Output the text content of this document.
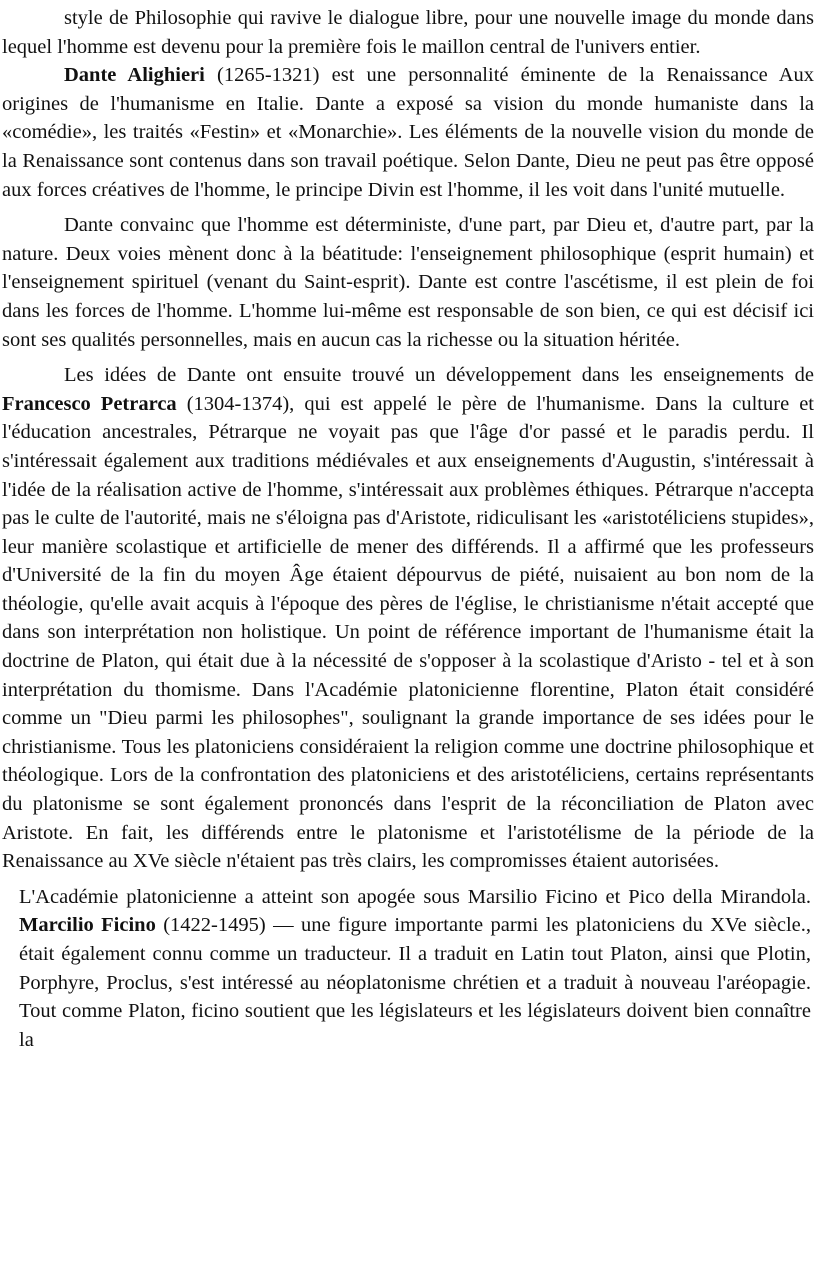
style de Philosophie qui ravive le dialogue libre, pour une nouvelle image du monde dans lequel l'homme est devenu pour la première fois le maillon central de l'univers entier.

Dante Alighieri (1265-1321) est une personnalité éminente de la Renaissance Aux origines de l'humanisme en Italie. Dante a exposé sa vision du monde humaniste dans la «comédie», les traités «Festin» et «Monarchie». Les éléments de la nouvelle vision du monde de la Renaissance sont contenus dans son travail poétique. Selon Dante, Dieu ne peut pas être opposé aux forces créatives de l'homme, le principe Divin est l'homme, il les voit dans l'unité mutuelle.

Dante convainc que l'homme est déterministe, d'une part, par Dieu et, d'autre part, par la nature. Deux voies mènent donc à la béatitude: l'enseignement philosophique (esprit humain) et l'enseignement spirituel (venant du Saint-esprit). Dante est contre l'ascétisme, il est plein de foi dans les forces de l'homme. L'homme lui-même est responsable de son bien, ce qui est décisif ici sont ses qualités personnelles, mais en aucun cas la richesse ou la situation héritée.

Les idées de Dante ont ensuite trouvé un développement dans les enseignements de Francesco Petrarca (1304-1374), qui est appelé le père de l'humanisme. Dans la culture et l'éducation ancestrales, Pétrarque ne voyait pas que l'âge d'or passé et le paradis perdu. Il s'intéressait également aux traditions médiévales et aux enseignements d'Augustin, s'intéressait à l'idée de la réalisation active de l'homme, s'intéressait aux problèmes éthiques. Pétrarque n'accepta pas le culte de l'autorité, mais ne s'éloigna pas d'Aristote, ridiculisant les «aristotéliciens stupides», leur manière scolastique et artificielle de mener des différends. Il a affirmé que les professeurs d'Université de la fin du moyen Âge étaient dépourvus de piété, nuisaient au bon nom de la théologie, qu'elle avait acquis à l'époque des pères de l'église, le christianisme n'était accepté que dans son interprétation non holistique. Un point de référence important de l'humanisme était la doctrine de Platon, qui était due à la nécessité de s'opposer à la scolastique d'Aristo - tel et à son interprétation du thomisme. Dans l'Académie platonicienne florentine, Platon était considéré comme un "Dieu parmi les philosophes", soulignant la grande importance de ses idées pour le christianisme. Tous les platoniciens considéraient la religion comme une doctrine philosophique et théologique. Lors de la confrontation des platoniciens et des aristotéliciens, certains représentants du platonisme se sont également prononcés dans l'esprit de la réconciliation de Platon avec Aristote. En fait, les différends entre le platonisme et l'aristotélisme de la période de la Renaissance au XVe siècle n'étaient pas très clairs, les compromisses étaient autorisées.

L'Académie platonicienne a atteint son apogée sous Marsilio Ficino et Pico della Mirandola. Marcilio Ficino (1422-1495) — une figure importante parmi les platoniciens du XVe siècle., était également connu comme un traducteur. Il a traduit en Latin tout Platon, ainsi que Plotin, Porphyre, Proclus, s'est intéressé au néoplatonisme chrétien et a traduit à nouveau l'aréopagie. Tout comme Platon, ficino soutient que les législateurs et les législateurs doivent bien connaître la
